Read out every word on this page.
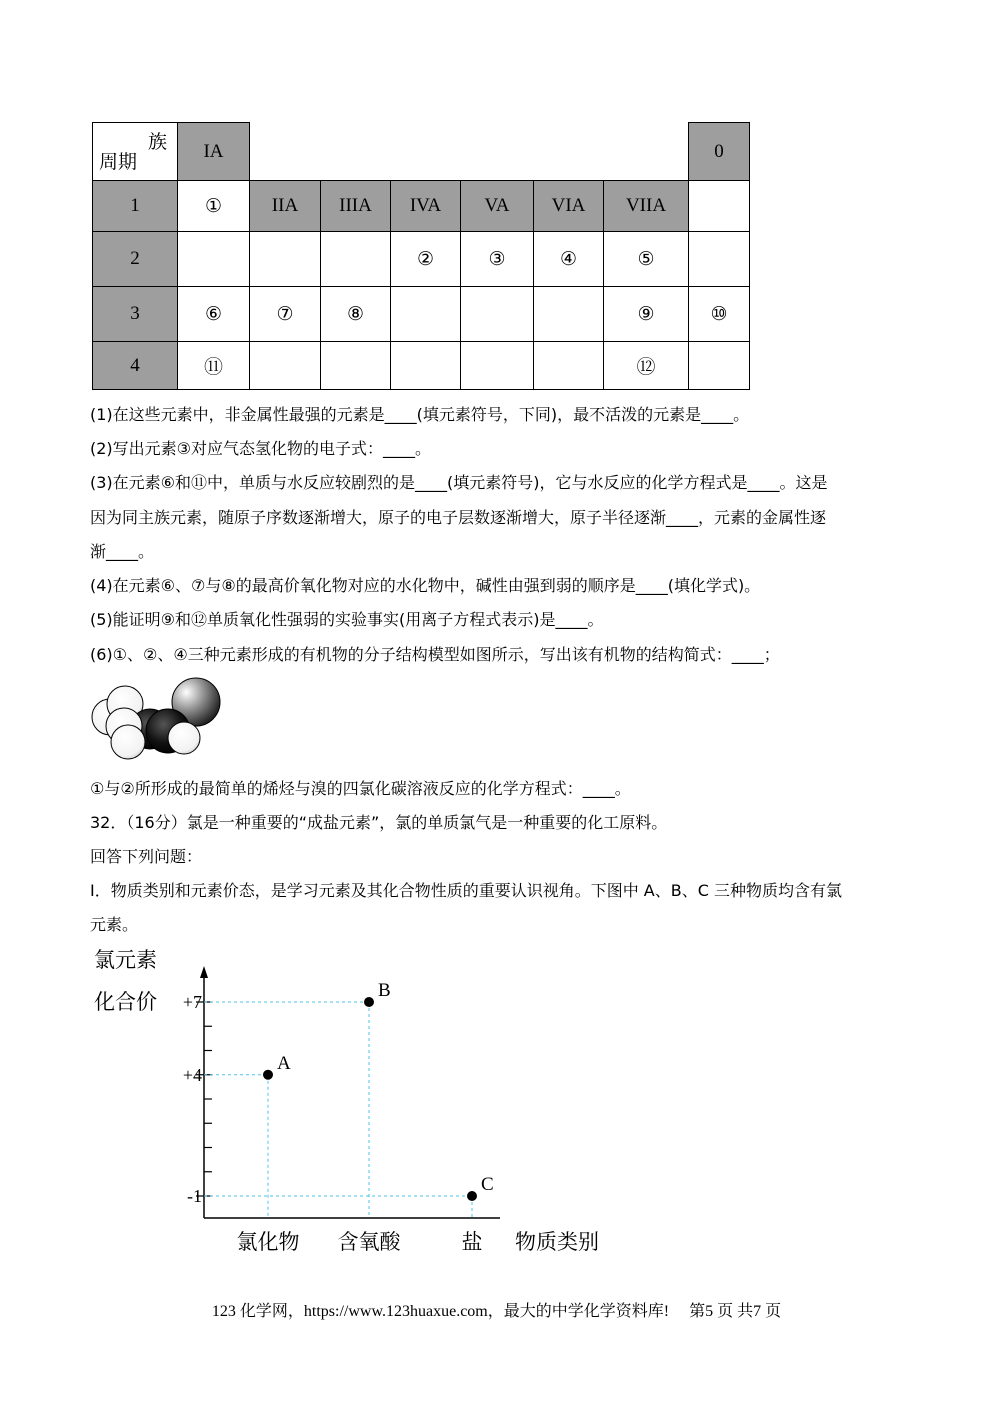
族
周期	IA							0
1	①	IIA	IIIA	IVA	VA	VIA	VIIA	
2				②	③	④	⑤	
3	⑥	⑦	⑧				⑨	⑩
4	⑪						⑫	
(1)在这些元素中，非金属性最强的元素是____(填元素符号，下同)，最不活泼的元素是____。
(2)写出元素③对应气态氢化物的电子式：____。
(3)在元素⑥和⑪中，单质与水反应较剧烈的是____(填元素符号)，它与水反应的化学方程式是____。这是
因为同主族元素，随原子序数逐渐增大，原子的电子层数逐渐增大，原子半径逐渐____，元素的金属性逐
渐____。
(4)在元素⑥、⑦与⑧的最高价氧化物对应的水化物中，碱性由强到弱的顺序是____(填化学式)。
(5)能证明⑨和⑫单质氧化性强弱的实验事实(用离子方程式表示)是____。
(6)①、②、④三种元素形成的有机物的分子结构模型如图所示，写出该有机物的结构简式：____；
①与②所形成的最简单的烯烃与溴的四氯化碳溶液反应的化学方程式：____。
32．（16分）氯是一种重要的“成盐元素”，氯的单质氯气是一种重要的化工原料。
回答下列问题：
I．物质类别和元素价态，是学习元素及其化合物性质的重要认识视角。下图中 A、B、C 三种物质均含有氯
元素。
氯元素
化合价 +7
+4
-1
氯化物 含氧酸	盐 物质类别
A
B
C
123 化学网，https://www.123huaxue.com，最大的中学化学资料库!　 第5 页 共7 页
